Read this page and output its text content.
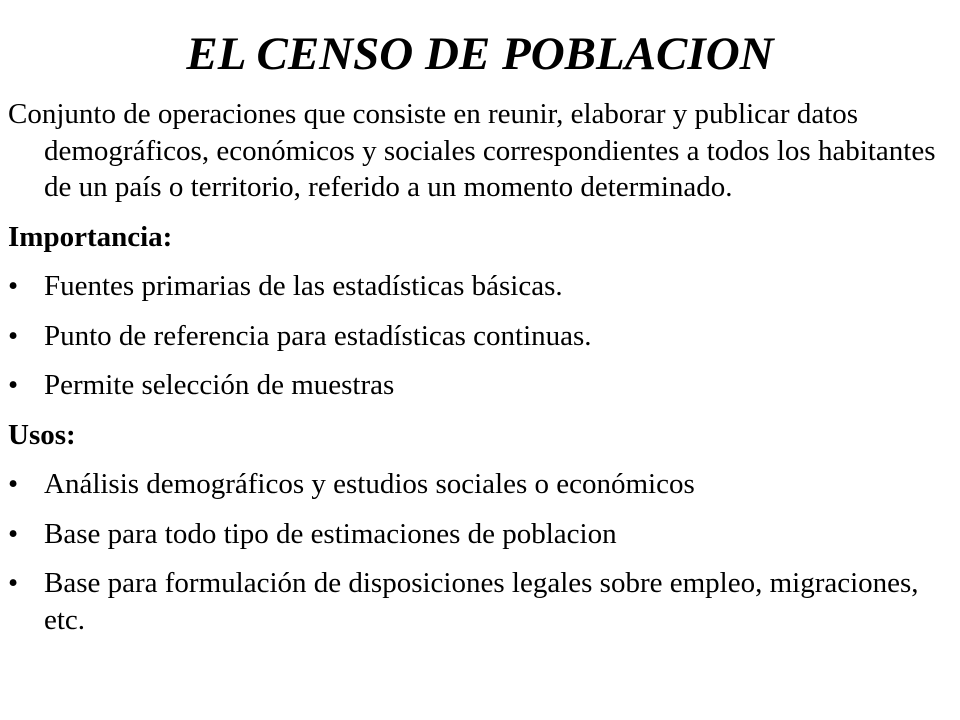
EL CENSO DE POBLACION

Conjunto de operaciones que consiste en reunir, elaborar y publicar datos demográficos, económicos y sociales correspondientes a todos los habitantes de un país o territorio, referido a un momento determinado.

Importancia:

• Fuentes primarias de las estadísticas básicas.
• Punto de referencia para estadísticas continuas.
• Permite selección de muestras

Usos:

• Análisis demográficos y estudios sociales o económicos
• Base para todo tipo de estimaciones de poblacion
• Base para formulación de disposiciones legales sobre empleo, migraciones, etc.
